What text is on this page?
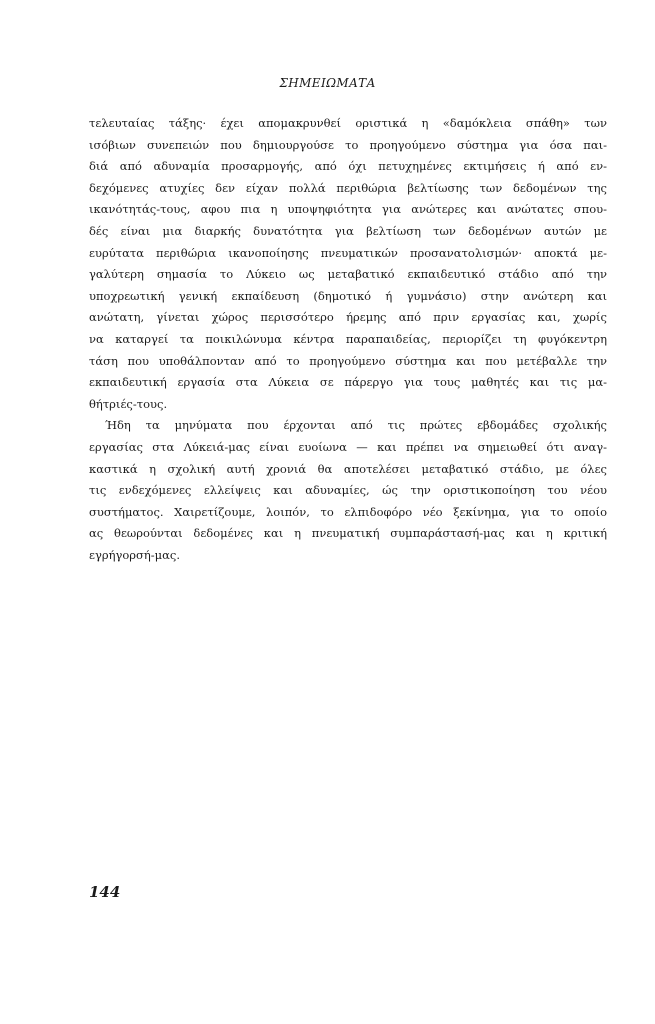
ΣΗΜΕΙΩΜΑΤΑ
τελευταίας τάξης· έχει απομακρυνθεί οριστικά η «δαμόκλεια σπάθη» των
ισόβιων συνεπειών που δημιουργούσε το προηγούμενο σύστημα για όσα παι-
διά από αδυναμία προσαρμογής, από όχι πετυχημένες εκτιμήσεις ή από εν-
δεχόμενες ατυχίες δεν είχαν πολλά περιθώρια βελτίωσης των δεδομένων της
ικανότητάς-τους, αφου πια η υποψηφιότητα για ανώτερες και ανώτατες σπου-
δές είναι μια διαρκής δυνατότητα για βελτίωση των δεδομένων αυτών με
ευρύτατα περιθώρια ικανοποίησης πνευματικών προσανατολισμών· αποκτά με-
γαλύτερη σημασία το Λύκειο ως μεταβατικό εκπαιδευτικό στάδιο από την
υποχρεωτική γενική εκπαίδευση (δημοτικό ή γυμνάσιο) στην ανώτερη και
ανώτατη, γίνεται χώρος περισσότερο ήρεμης από πριν εργασίας και, χωρίς
να καταργεί τα ποικιλώνυμα κέντρα παραπαιδείας, περιορίζει τη φυγόκεντρη
τάση που υποθάλπονταν από το προηγούμενο σύστημα και που μετέβαλλε την
εκπαιδευτική εργασία στα Λύκεια σε πάρεργο για τους μαθητές και τις μα-
θήτριές-τους.
Ήδη τα μηνύματα που έρχονται από τις πρώτες εβδομάδες σχολικής
εργασίας στα Λύκειά-μας είναι ευοίωνα — και πρέπει να σημειωθεί ότι αναγ-
καστικά η σχολική αυτή χρονιά θα αποτελέσει μεταβατικό στάδιο, με όλες
τις ενδεχόμενες ελλείψεις και αδυναμίες, ώς την οριστικοποίηση του νέου
συστήματος. Χαιρετίζουμε, λοιπόν, το ελπιδοφόρο νέο ξεκίνημα, για το οποίο
ας θεωρούνται δεδομένες και η πνευματική συμπαράστασή-μας και η κριτική
εγρήγορσή-μας.
144
